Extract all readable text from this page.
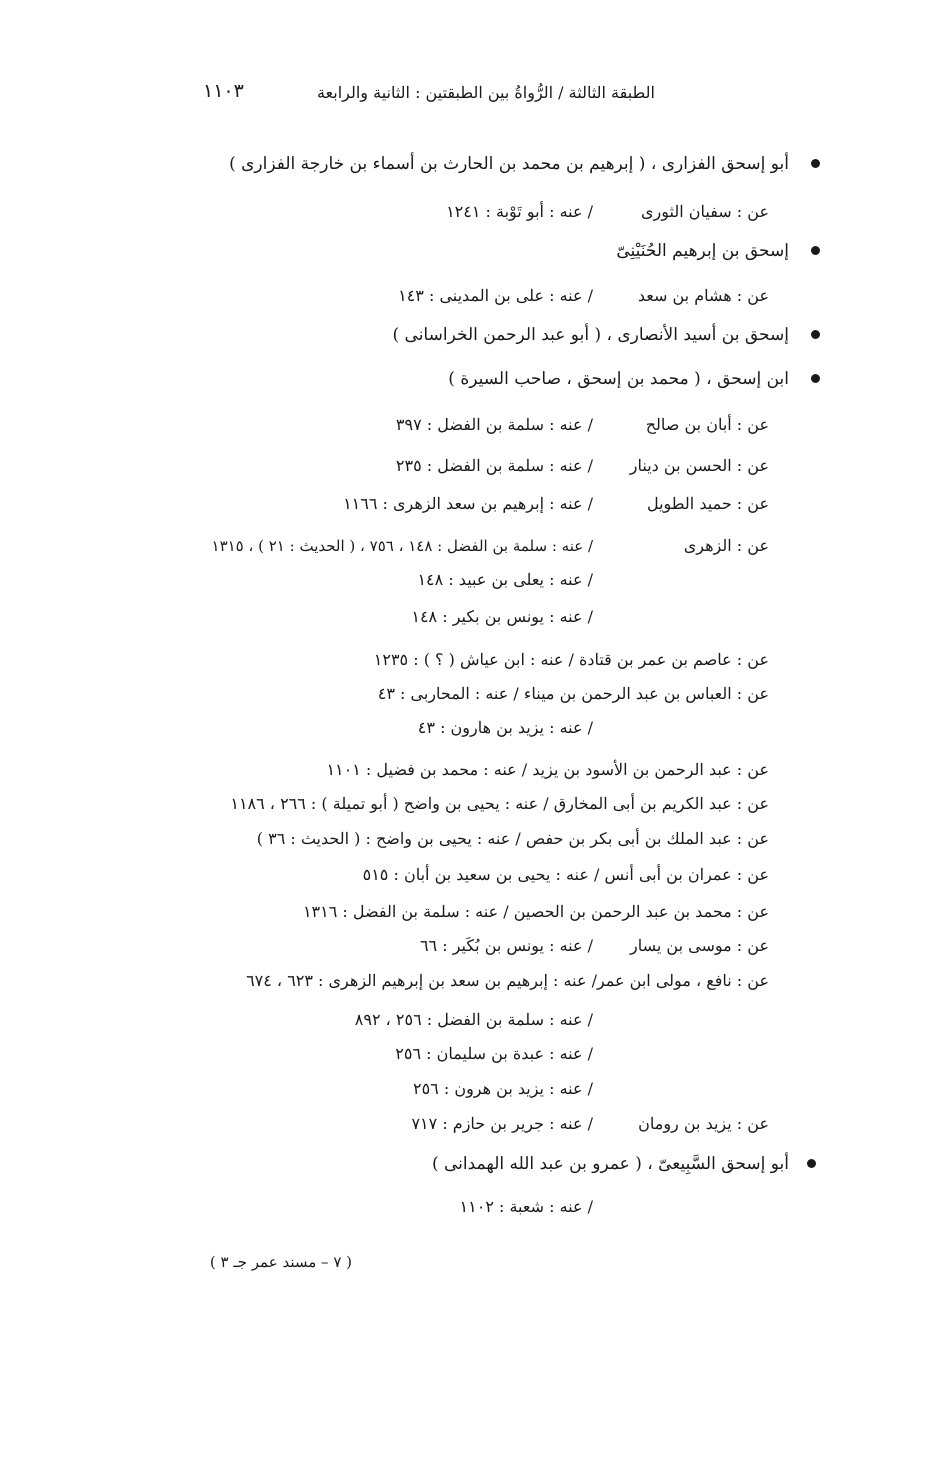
١١٠٣	الطبقة الثالثة / الرُّواةُ بين الطبقتين : الثانية والرابعة
أبو إسحق الفزارى ، ( إبرهيم بن محمد بن الحارث بن أسماء بن خارجة الفزارى )
عن : سفيان الثورى
/ عنه : أبو تَوْبة : ١٢٤١
إسحق بن إبرهيم الحُنَيْنِىّ
عن : هشام بن سعد
/ عنه : على بن المدينى : ١٤٣
إسحق بن أسيد الأنصارى ، ( أبو عبد الرحمن الخراسانى )
ابن إسحق ، ( محمد بن إسحق ، صاحب السيرة )
عن : أبان بن صالح
/ عنه : سلمة بن الفضل : ٣٩٧
عن : الحسن بن دينار
/ عنه : سلمة بن الفضل : ٢٣٥
عن : حميد الطويل
/ عنه : إبرهيم بن سعد الزهرى : ١١٦٦
عن : الزهرى
/ عنه : سلمة بن الفضل : ١٤٨ ، ٧٥٦ ، ( الحديث : ٢١ ) ، ١٣١٥
/ عنه : يعلى بن عبيد : ١٤٨
/ عنه : يونس بن بكير : ١٤٨
عن : عاصم بن عمر بن قتادة / عنه : ابن عياش ( ؟ ) : ١٢٣٥
عن : العباس بن عبد الرحمن بن ميناء / عنه : المحاربى : ٤٣
/ عنه : يزيد بن هارون : ٤٣
عن : عبد الرحمن بن الأسود بن يزيد / عنه : محمد بن فضيل : ١١٠١
عن : عبد الكريم بن أبى المخارق / عنه : يحيى بن واضح ( أبو تميلة ) : ٢٦٦ ، ١١٨٦
عن : عبد الملك بن أبى بكر بن حفص / عنه : يحيى بن واضح : ( الحديث : ٣٦ )
عن : عمران بن أبى أنس / عنه : يحيى بن سعيد بن أبان : ٥١٥
عن : محمد بن عبد الرحمن بن الحصين / عنه : سلمة بن الفضل : ١٣١٦
عن : موسى بن يسار
/ عنه : يونس بن بُكَير : ٦٦
عن : نافع ، مولى ابن عمر/ عنه : إبرهيم بن سعد بن إبرهيم الزهرى : ٦٢٣ ، ٦٧٤
/ عنه : سلمة بن الفضل : ٢٥٦ ، ٨٩٢
/ عنه : عبدة بن سليمان : ٢٥٦
/ عنه : يزيد بن هرون : ٢٥٦
عن : يزيد بن رومان
/ عنه : جرير بن حازم : ٧١٧
أبو إسحق السَّبِيعىّ ، ( عمرو بن عبد الله الهمدانى )
/ عنه : شعبة : ١١٠٢
( ٧ – مسند عمر جـ ٣ )
